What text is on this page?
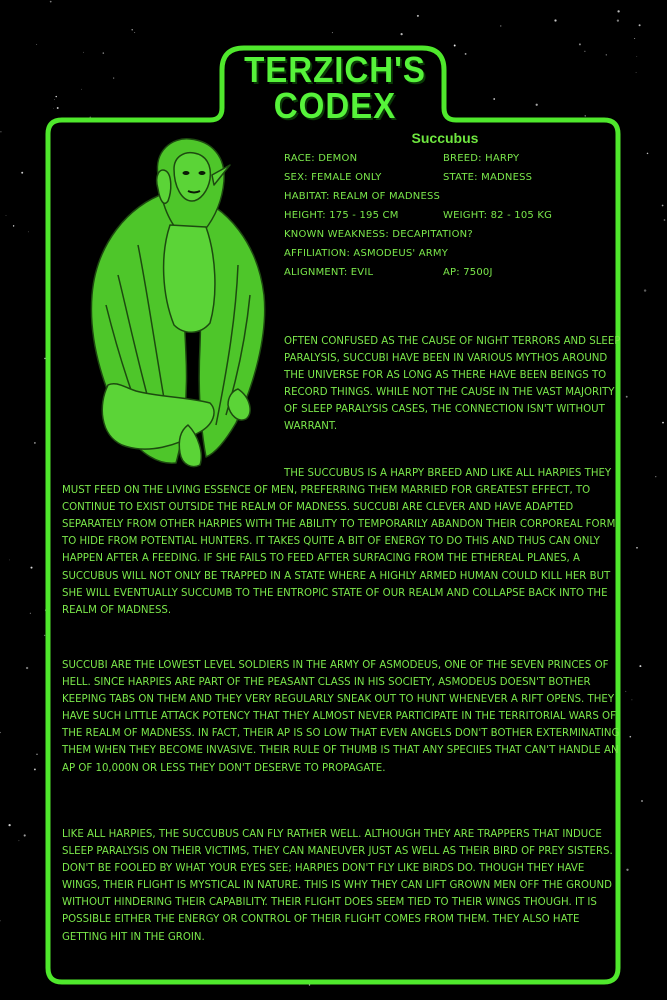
TERZICH'S
CODEX
Succubus
RACE: DEMON	BREED: HARPY
SEX: FEMALE ONLY	STATE: MADNESS
HABITAT: REALM OF MADNESS
HEIGHT: 175 - 195 CM	WEIGHT: 82 - 105 KG
KNOWN WEAKNESS: DECAPITATION?
AFFILIATION: ASMODEUS' ARMY
ALIGNMENT: EVIL	AP: 7500J

OFTEN CONFUSED AS THE CAUSE OF NIGHT TERRORS AND SLEEP PARALYSIS, SUCCUBI HAVE BEEN IN VARIOUS MYTHOS AROUND THE UNIVERSE FOR AS LONG AS THERE HAVE BEEN BEINGS TO RECORD THINGS. WHILE NOT THE CAUSE IN THE VAST MAJORITY OF SLEEP PARALYSIS CASES, THE CONNECTION ISN'T WITHOUT WARRANT.

THE SUCCUBUS IS A HARPY BREED AND LIKE ALL HARPIES THEY MUST FEED ON THE LIVING ESSENCE OF MEN, PREFERRING THEM MARRIED FOR GREATEST EFFECT, TO CONTINUE TO EXIST OUTSIDE THE REALM OF MADNESS. SUCCUBI ARE CLEVER AND HAVE ADAPTED SEPARATELY FROM OTHER HARPIES WITH THE ABILITY TO TEMPORARILY ABANDON THEIR CORPOREAL FORM TO HIDE FROM POTENTIAL HUNTERS. IT TAKES QUITE A BIT OF ENERGY TO DO THIS AND THUS CAN ONLY HAPPEN AFTER A FEEDING. IF SHE FAILS TO FEED AFTER SURFACING FROM THE ETHEREAL PLANES, A SUCCUBUS WILL NOT ONLY BE TRAPPED IN A STATE WHERE A HIGHLY ARMED HUMAN COULD KILL HER BUT SHE WILL EVENTUALLY SUCCUMB TO THE ENTROPIC STATE OF OUR REALM AND COLLAPSE BACK INTO THE REALM OF MADNESS.

SUCCUBI ARE THE LOWEST LEVEL SOLDIERS IN THE ARMY OF ASMODEUS, ONE OF THE SEVEN PRINCES OF HELL. SINCE HARPIES ARE PART OF THE PEASANT CLASS IN HIS SOCIETY, ASMODEUS DOESN'T BOTHER KEEPING TABS ON THEM AND THEY VERY REGULARLY SNEAK OUT TO HUNT WHENEVER A RIFT OPENS. THEY HAVE SUCH LITTLE ATTACK POTENCY THAT THEY ALMOST NEVER PARTICIPATE IN THE TERRITORIAL WARS OF THE REALM OF MADNESS. IN FACT, THEIR AP IS SO LOW THAT EVEN ANGELS DON'T BOTHER EXTERMINATING THEM WHEN THEY BECOME INVASIVE. THEIR RULE OF THUMB IS THAT ANY SPECIIES THAT CAN'T HANDLE AN AP OF 10,000N OR LESS THEY DON'T DESERVE TO PROPAGATE.

LIKE ALL HARPIES, THE SUCCUBUS CAN FLY RATHER WELL. ALTHOUGH THEY ARE TRAPPERS THAT INDUCE SLEEP PARALYSIS ON THEIR VICTIMS, THEY CAN MANEUVER JUST AS WELL AS THEIR BIRD OF PREY SISTERS. DON'T BE FOOLED BY WHAT YOUR EYES SEE; HARPIES DON'T FLY LIKE BIRDS DO. THOUGH THEY HAVE WINGS, THEIR FLIGHT IS MYSTICAL IN NATURE. THIS IS WHY THEY CAN LIFT GROWN MEN OFF THE GROUND WITHOUT HINDERING THEIR CAPABILITY. THEIR FLIGHT DOES SEEM TIED TO THEIR WINGS THOUGH. IT IS POSSIBLE EITHER THE ENERGY OR CONTROL OF THEIR FLIGHT COMES FROM THEM. THEY ALSO HATE GETTING HIT IN THE GROIN.
